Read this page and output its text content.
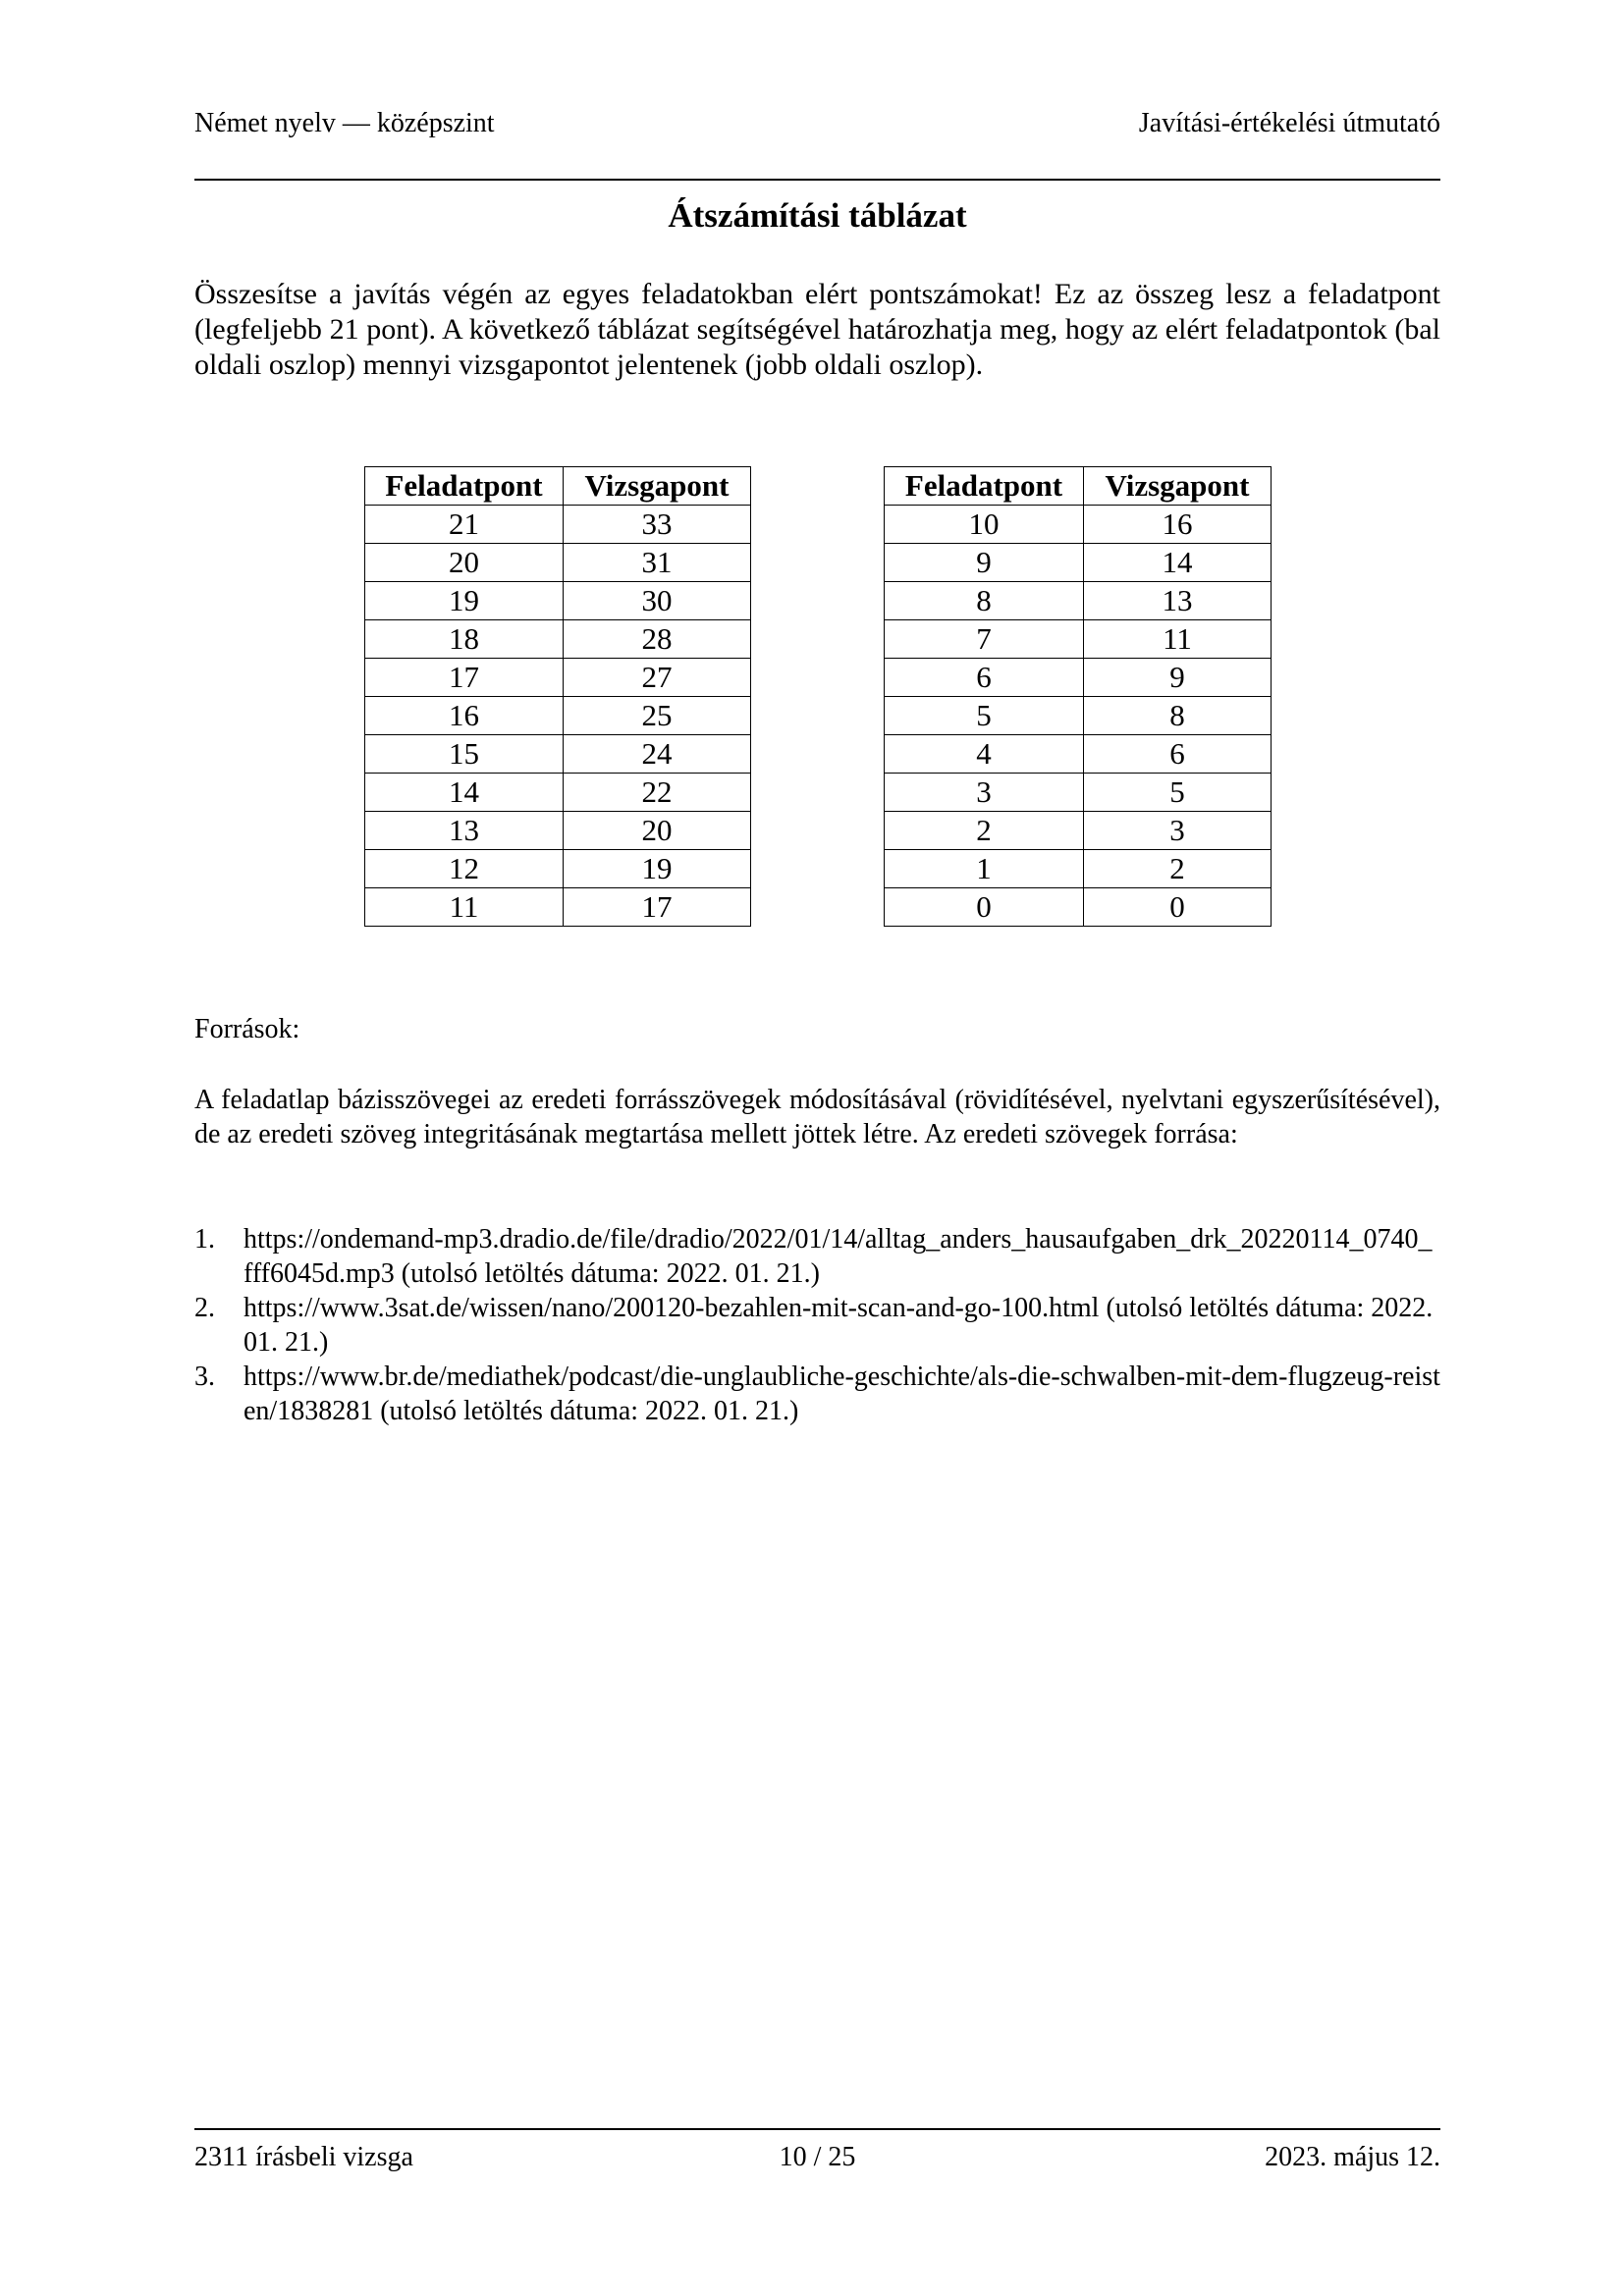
Német nyelv — középszint	Javítási-értékelési útmutató
Átszámítási táblázat
Összesítse a javítás végén az egyes feladatokban elért pontszámokat! Ez az összeg lesz a feladatpont (legfeljebb 21 pont). A következő táblázat segítségével határozhatja meg, hogy az elért feladatpontok (bal oldali oszlop) mennyi vizsgapontot jelentenek (jobb oldali oszlop).
Feladatpont	Vizsgapont
21	33
20	31
19	30
18	28
17	27
16	25
15	24
14	22
13	20
12	19
11	17
Feladatpont	Vizsgapont
10	16
9	14
8	13
7	11
6	9
5	8
4	6
3	5
2	3
1	2
0	0
Források:
A feladatlap bázisszövegei az eredeti forrásszövegek módosításával (rövidítésével, nyelvtani egyszerűsítésével), de az eredeti szöveg integritásának megtartása mellett jöttek létre. Az eredeti szövegek forrása:
1. https://ondemand-mp3.dradio.de/file/dradio/2022/01/14/alltag_anders_hausaufgaben_drk_20220114_0740_fff6045d.mp3 (utolsó letöltés dátuma: 2022. 01. 21.)
2. https://www.3sat.de/wissen/nano/200120-bezahlen-mit-scan-and-go-100.html (utolsó letöltés dátuma: 2022. 01. 21.)
3. https://www.br.de/mediathek/podcast/die-unglaubliche-geschichte/als-die-schwalben-mit-dem-flugzeug-reisten/1838281 (utolsó letöltés dátuma: 2022. 01. 21.)
2311 írásbeli vizsga	10 / 25	2023. május 12.
